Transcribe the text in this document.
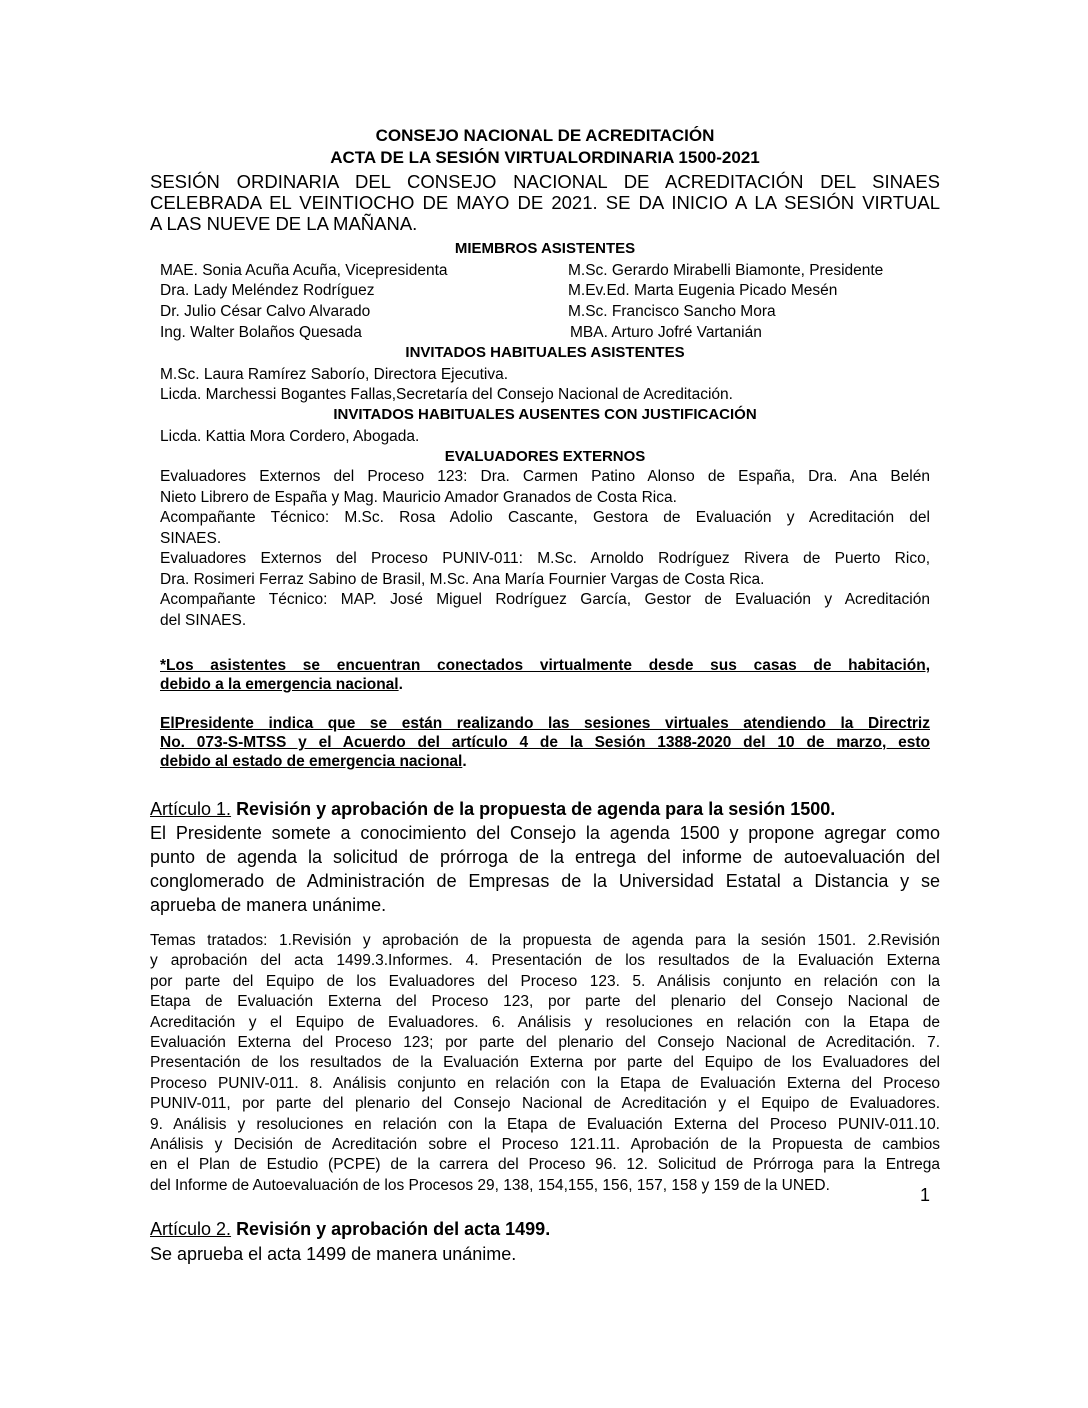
CONSEJO NACIONAL DE ACREDITACIÓN
ACTA DE LA SESIÓN VIRTUALORDINARIA 1500-2021
SESIÓN ORDINARIA DEL CONSEJO NACIONAL DE ACREDITACIÓN DEL SINAES
CELEBRADA EL VEINTIOCHO DE MAYO DE 2021. SE DA INICIO A LA SESIÓN VIRTUAL
A LAS NUEVE DE LA MAÑANA.
MIEMBROS ASISTENTES
MAE. Sonia Acuña Acuña, Vicepresidenta
Dra. Lady Meléndez Rodríguez
Dr. Julio César Calvo Alvarado
Ing. Walter Bolaños Quesada
M.Sc. Gerardo Mirabelli Biamonte, Presidente
M.Ev.Ed. Marta Eugenia Picado Mesén
M.Sc. Francisco Sancho Mora
MBA. Arturo Jofré Vartanián
INVITADOS HABITUALES ASISTENTES
M.Sc. Laura Ramírez Saborío, Directora Ejecutiva.
Licda. Marchessi Bogantes Fallas,Secretaría del Consejo Nacional de Acreditación.
INVITADOS HABITUALES AUSENTES CON JUSTIFICACIÓN
Licda. Kattia Mora Cordero, Abogada.
EVALUADORES EXTERNOS
Evaluadores Externos del Proceso 123: Dra. Carmen Patino Alonso de España, Dra. Ana Belén
Nieto Librero de España y Mag. Mauricio Amador Granados de Costa Rica.
Acompañante Técnico: M.Sc. Rosa Adolio Cascante, Gestora de Evaluación y Acreditación del
SINAES.
Evaluadores Externos del Proceso PUNIV-011: M.Sc. Arnoldo Rodríguez Rivera de Puerto Rico,
Dra. Rosimeri Ferraz Sabino de Brasil, M.Sc. Ana María Fournier Vargas de Costa Rica.
Acompañante Técnico: MAP. José Miguel Rodríguez García, Gestor de Evaluación y Acreditación
del SINAES.
*Los asistentes se encuentran conectados virtualmente desde sus casas de habitación,
debido a la emergencia nacional.
ElPresidente indica que se están realizando las sesiones virtuales atendiendo la Directriz
No. 073-S-MTSS y el Acuerdo del artículo 4 de la Sesión 1388-2020 del 10 de marzo, esto
debido al estado de emergencia nacional.
Artículo 1. Revisión y aprobación de la propuesta de agenda para la sesión 1500.
El Presidente somete a conocimiento del Consejo la agenda 1500 y propone agregar como
punto de agenda la solicitud de prórroga de la entrega del informe de autoevaluación del
conglomerado de Administración de Empresas de la Universidad Estatal a Distancia y se
aprueba de manera unánime.
Temas tratados: 1.Revisión y aprobación de la propuesta de agenda para la sesión 1501. 2.Revisión
y aprobación del acta 1499.3.Informes. 4. Presentación de los resultados de la Evaluación Externa
por parte del Equipo de los Evaluadores del Proceso 123. 5. Análisis conjunto en relación con la
Etapa de Evaluación Externa del Proceso 123, por parte del plenario del Consejo Nacional de
Acreditación y el Equipo de Evaluadores. 6. Análisis y resoluciones en relación con la Etapa de
Evaluación Externa del Proceso 123; por parte del plenario del Consejo Nacional de Acreditación. 7.
Presentación de los resultados de la Evaluación Externa por parte del Equipo de los Evaluadores del
Proceso PUNIV-011. 8. Análisis conjunto en relación con la Etapa de Evaluación Externa del Proceso
PUNIV-011, por parte del plenario del Consejo Nacional de Acreditación y el Equipo de Evaluadores.
9. Análisis y resoluciones en relación con la Etapa de Evaluación Externa del Proceso PUNIV-011.10.
Análisis y Decisión de Acreditación sobre el Proceso 121.11. Aprobación de la Propuesta de cambios
en el Plan de Estudio (PCPE) de la carrera del Proceso 96. 12. Solicitud de Prórroga para la Entrega
del Informe de Autoevaluación de los Procesos 29, 138, 154,155, 156, 157, 158 y 159 de la UNED.
Artículo 2. Revisión y aprobación del acta 1499.
Se aprueba el acta 1499 de manera unánime.
1
